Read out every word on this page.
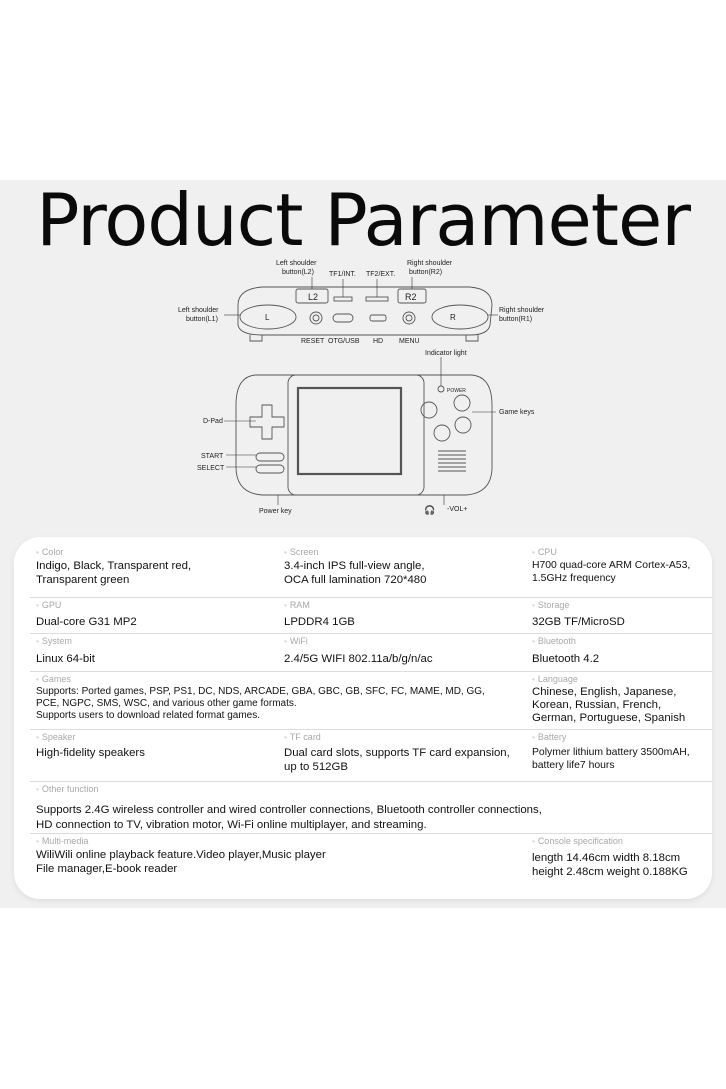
Product Parameter
Left shoulder button(L2)	TF1/INT. TF2/EXT.
Right shoulder button(R2)
L2	R2
L	R
Left shoulder button(L1)
Right shoulder button(R1)
RESET OTG/USB HD MENU
Indicator light
POWER
D-Pad
Game keys
START
SELECT
Power key	-VOL+
🎧
• Color
Indigo, Black, Transparent red,
Transparent green
• Screen
3.4-inch IPS full-view angle,
OCA full lamination 720*480
• CPU
H700 quad-core ARM Cortex-A53,
1.5GHz frequency
• GPU
Dual-core G31 MP2
• RAM
LPDDR4 1GB
• Storage
32GB TF/MicroSD
• System
Linux 64-bit
• WiFi
2.4/5G WIFI 802.11a/b/g/n/ac
• Bluetooth
Bluetooth 4.2
• Games
Supports: Ported games, PSP, PS1, DC, NDS, ARCADE, GBA, GBC, GB, SFC, FC, MAME, MD, GG,
PCE, NGPC, SMS, WSC, and various other game formats.
Supports users to download related format games.
• Language
Chinese, English, Japanese,
Korean, Russian, French,
German, Portuguese, Spanish
• Speaker
High-fidelity speakers
• TF card
Dual card slots, supports TF card expansion,
up to 512GB
• Battery
Polymer lithium battery 3500mAH,
battery life7 hours
• Other function
Supports 2.4G wireless controller and wired controller connections, Bluetooth controller connections,
HD connection to TV, vibration motor, Wi-Fi online multiplayer, and streaming.
• Multi-media
WiliWili online playback feature.Video player,Music player
File manager,E-book reader
• Console specification
length 14.46cm width 8.18cm
height 2.48cm weight 0.188KG
